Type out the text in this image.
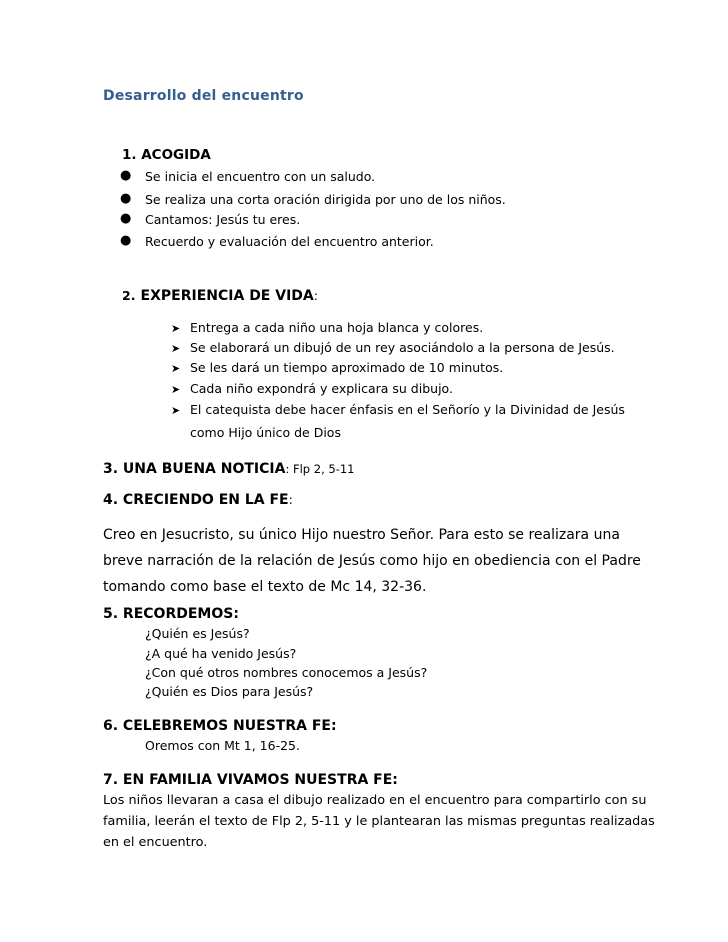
Desarrollo del encuentro
1. ACOGIDA
● Se inicia el encuentro con un saludo.
● Se realiza una corta oración dirigida por uno de los niños.
● Cantamos: Jesús tu eres.
● Recuerdo y evaluación del encuentro anterior.
2. EXPERIENCIA DE VIDA:
➤ Entrega a cada niño una hoja blanca y colores.
➤ Se elaborará un dibujó de un rey asociándolo a la persona de Jesús.
➤ Se les dará un tiempo aproximado de 10 minutos.
➤ Cada niño expondrá y explicara su dibujo.
➤ El catequista debe hacer énfasis en el Señorío y la Divinidad de Jesús
como Hijo único de Dios
3. UNA BUENA NOTICIA: Flp 2, 5-11
4. CRECIENDO EN LA FE:
Creo en Jesucristo, su único Hijo nuestro Señor. Para esto se realizara una
breve narración de la relación de Jesús como hijo en obediencia con el Padre
tomando como base el texto de Mc 14, 32-36.
5. RECORDEMOS:
¿Quién es Jesús?
¿A qué ha venido Jesús?
¿Con qué otros nombres conocemos a Jesús?
¿Quién es Dios para Jesús?
6. CELEBREMOS NUESTRA FE:
Oremos con Mt 1, 16-25.
7. EN FAMILIA VIVAMOS NUESTRA FE:
Los niños llevaran a casa el dibujo realizado en el encuentro para compartirlo con su
familia, leerán el texto de Flp 2, 5-11 y le plantearan las mismas preguntas realizadas
en el encuentro.
